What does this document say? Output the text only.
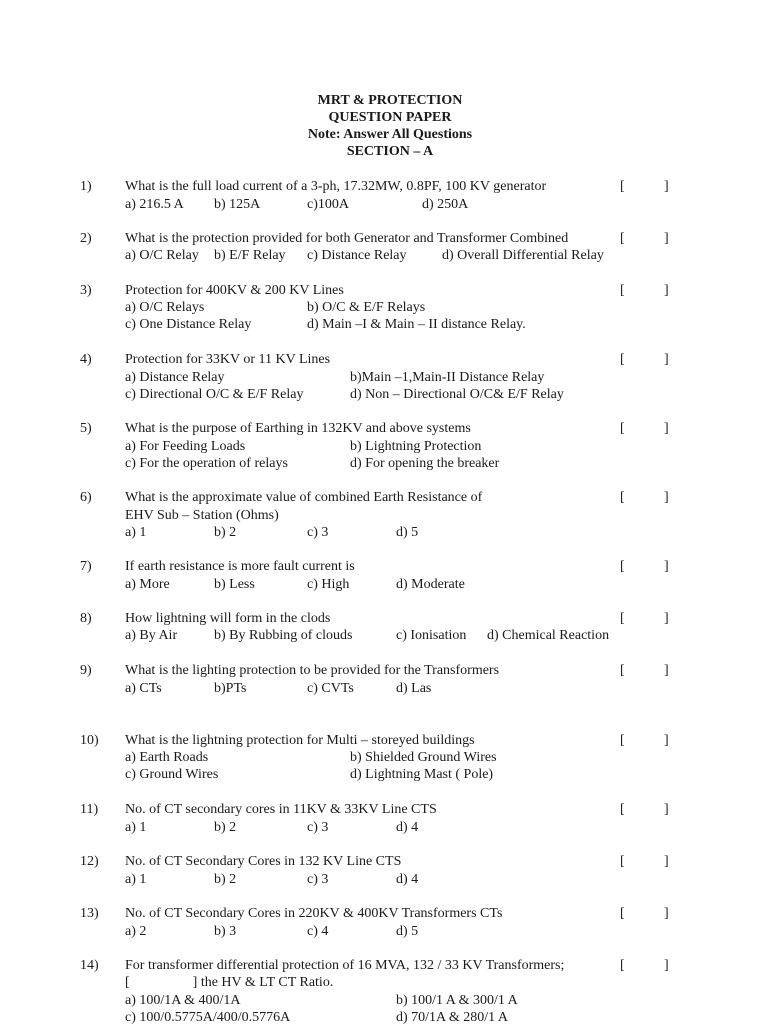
MRT & PROTECTION
QUESTION PAPER
Note: Answer All Questions
SECTION – A
1) What is the full load current of a 3-ph, 17.32MW, 0.8PF, 100 KV generator	[	]
a) 216.5 A b) 125A	c)100A	d) 250A
2) What is the protection provided for both Generator and Transformer Combined	[	]
a) O/C Relay b) E/F Relay c) Distance Relay	d) Overall Differential Relay
3) Protection for 400KV & 200 KV Lines	[	]
a) O/C Relays	b) O/C & E/F Relays
c) One Distance Relay	d) Main –I & Main – II distance Relay.
4) Protection for 33KV or 11 KV Lines	[	]
a) Distance Relay	b)Main –1,Main-II Distance Relay
c) Directional O/C & E/F Relay	d) Non – Directional O/C& E/F Relay
5) What is the purpose of Earthing in 132KV and above systems	[	]
a) For Feeding Loads	b) Lightning Protection
c) For the operation of relays	d) For opening the breaker
6) What is the approximate value of combined Earth Resistance of
EHV Sub – Station (Ohms)
[	]
a) 1	b) 2	c) 3	d) 5
7) If earth resistance is more fault current is	[	]
a) More	b) Less	c) High	d) Moderate
8) How lightning will form in the clods	[	]
a) By Air	b) By Rubbing of clouds	c) Ionisation d) Chemical Reaction
9) What is the lighting protection to be provided for the Transformers	[	]
a) CTs	b)PTs	c) CVTs	d) Las
10) What is the lightning protection for Multi – storeyed buildings	[	]
a) Earth Roads	b) Shielded Ground Wires
c) Ground Wires	d) Lightning Mast ( Pole)
11) No. of CT secondary cores in 11KV & 33KV Line CTS	[	]
a) 1	b) 2	c) 3	d) 4
12) No. of CT Secondary Cores in 132 KV Line CTS	[	]
a) 1	b) 2	c) 3	d) 4
13) No. of CT Secondary Cores in 220KV & 400KV Transformers CTs	[	]
a) 2	b) 3	c) 4	d) 5
14) For transformer differential protection of 16 MVA, 132 / 33 KV Transformers;
[                  ] the HV & LT CT Ratio.
[	]
a) 100/1A & 400/1A	b) 100/1 A & 300/1 A
c) 100/0.5775A/400/0.5776A	d) 70/1A & 280/1 A
